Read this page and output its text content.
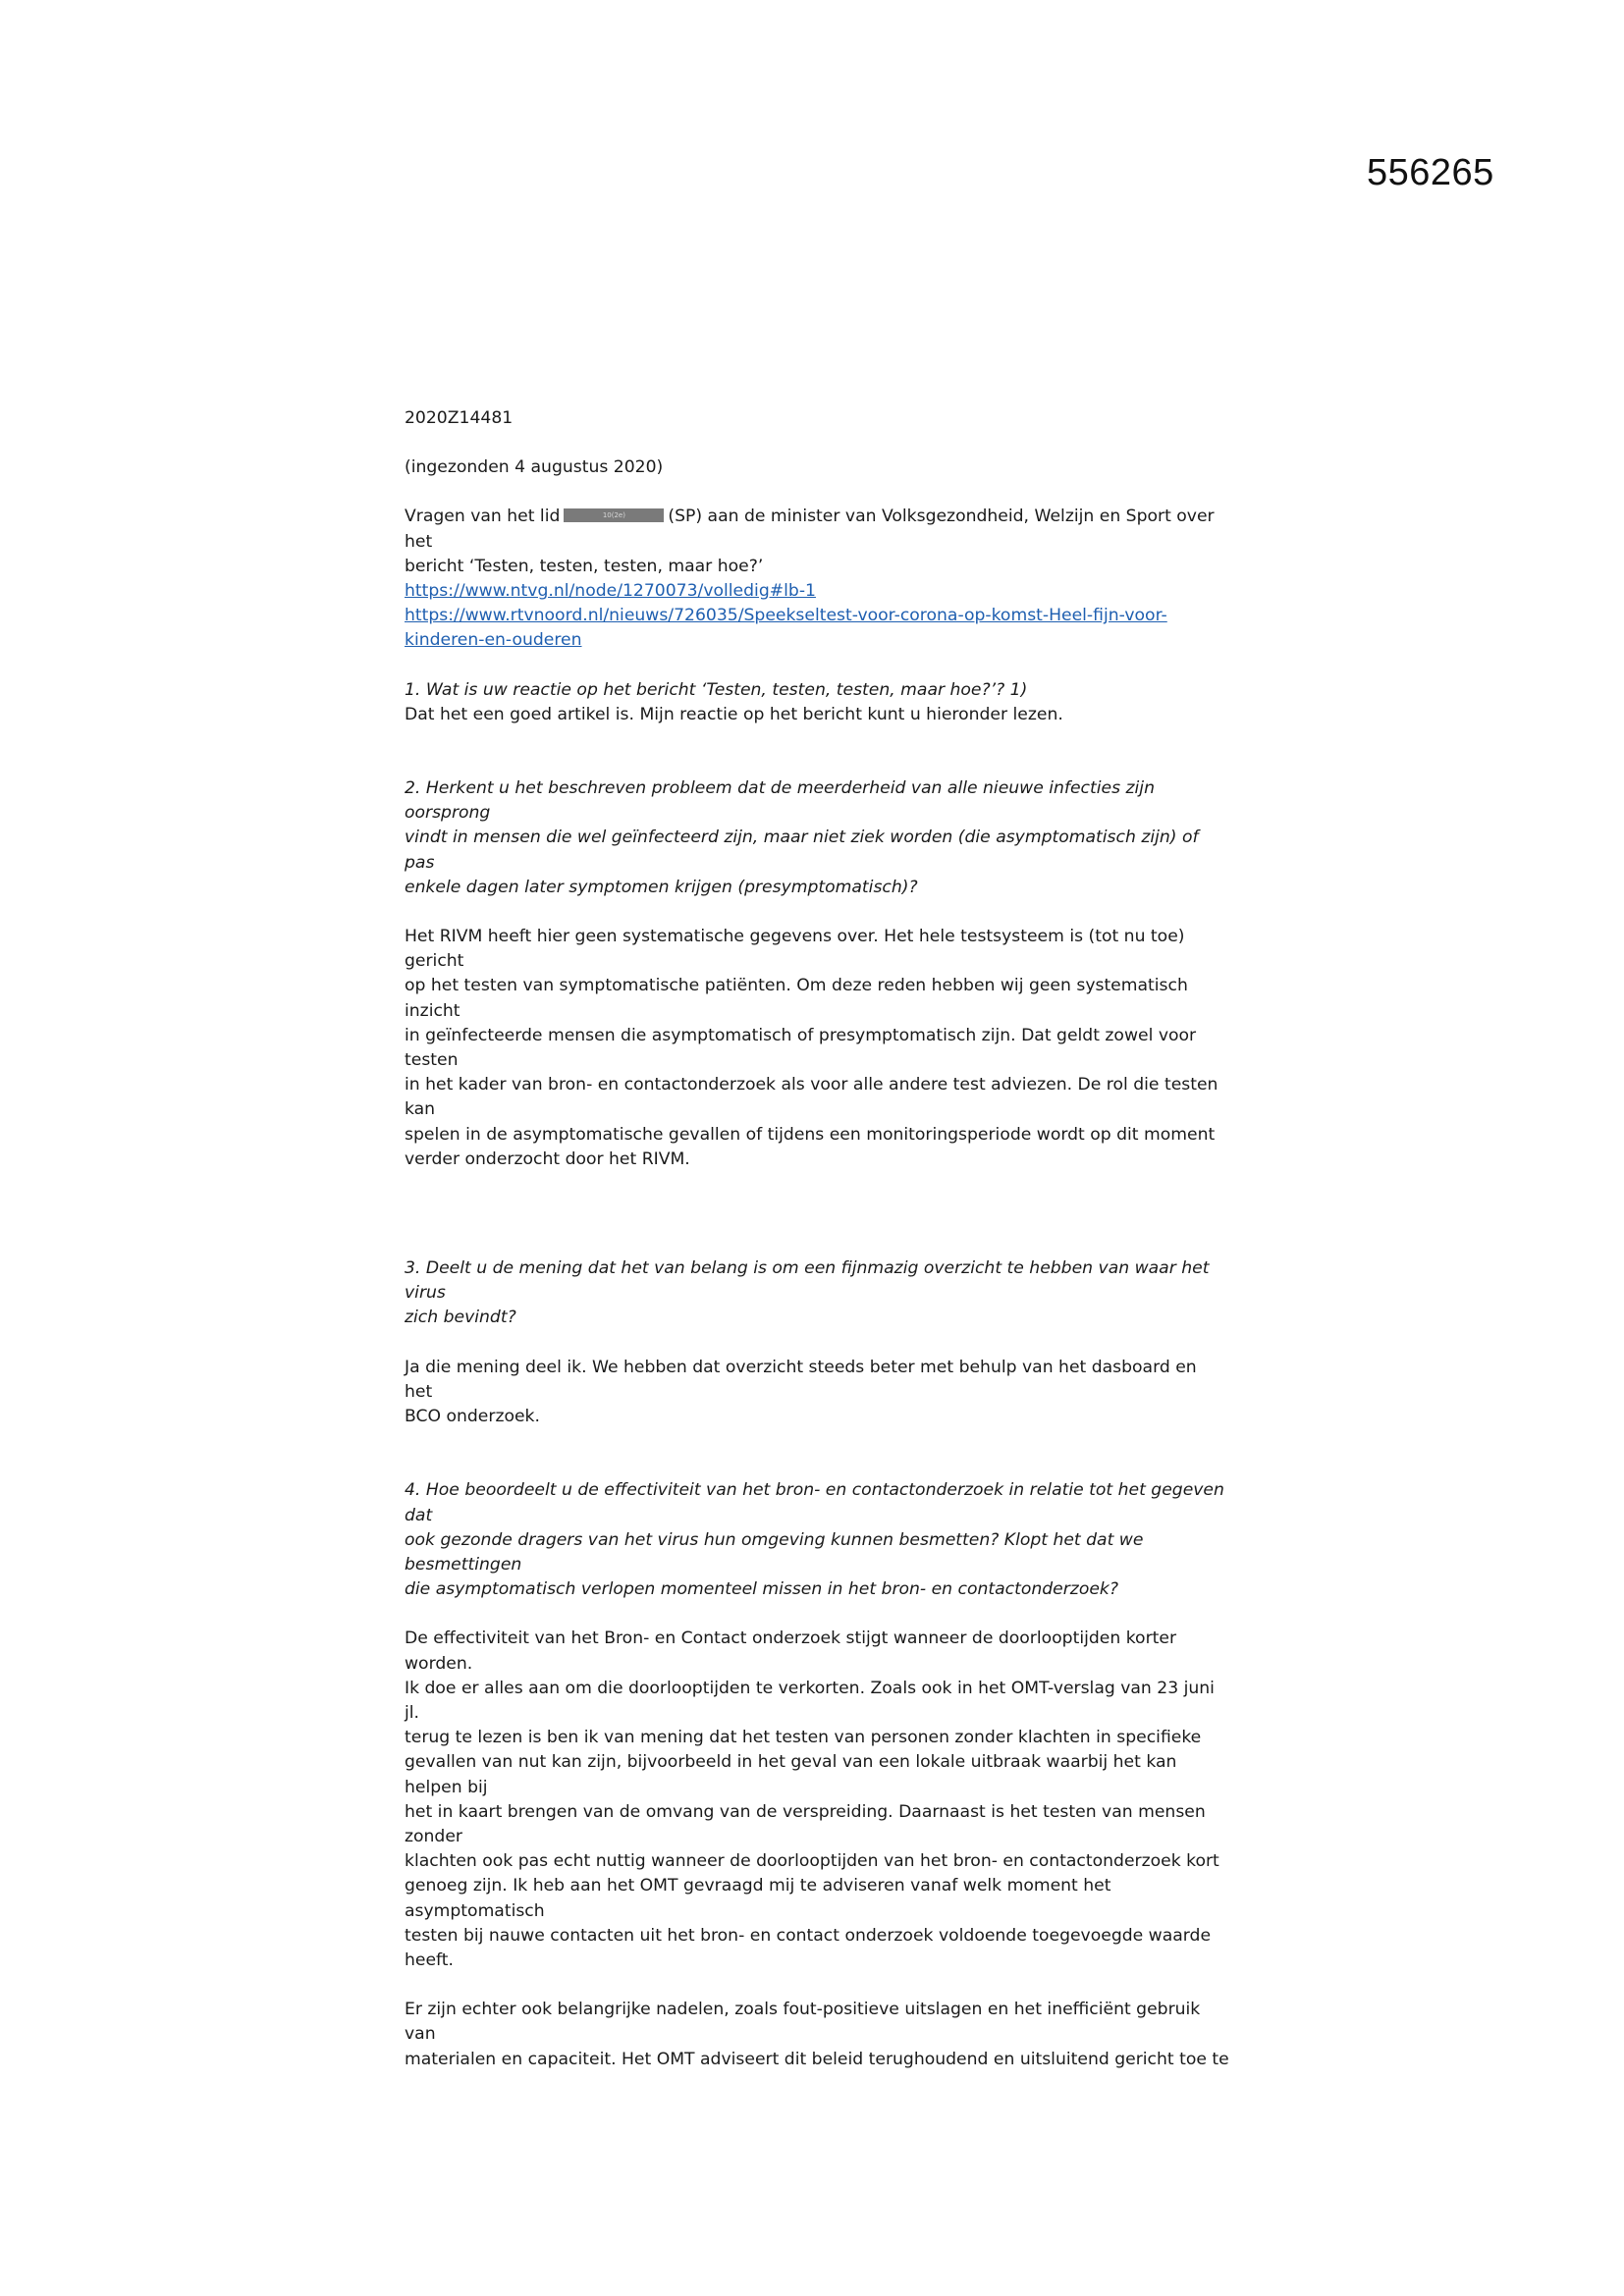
556265

2020Z14481

(ingezonden 4 augustus 2020)

Vragen van het lid	10(2e)	(SP) aan de minister van Volksgezondheid, Welzijn en Sport over het

bericht ‘Testen, testen, testen, maar hoe?’

https://www.ntvg.nl/node/1270073/volledig#lb-1
https://www.rtvnoord.nl/nieuws/726035/Speekseltest-voor-corona-op-komst-Heel-fijn-voor-
kinderen-en-ouderen

1. Wat is uw reactie op het bericht ‘Testen, testen, testen, maar hoe?’? 1)

Dat het een goed artikel is. Mijn reactie op het bericht kunt u hieronder lezen.

2. Herkent u het beschreven probleem dat de meerderheid van alle nieuwe infecties zijn oorsprong

vindt in mensen die wel geïnfecteerd zijn, maar niet ziek worden (die asymptomatisch zijn) of pas

enkele dagen later symptomen krijgen (presymptomatisch)?

Het RIVM heeft hier geen systematische gegevens over. Het hele testsysteem is (tot nu toe) gericht

op het testen van symptomatische patiënten. Om deze reden hebben wij geen systematisch inzicht

in geïnfecteerde mensen die asymptomatisch of presymptomatisch zijn. Dat geldt zowel voor testen

in het kader van bron- en contactonderzoek als voor alle andere test adviezen. De rol die testen kan

spelen in de asymptomatische gevallen of tijdens een monitoringsperiode wordt op dit moment

verder onderzocht door het RIVM.

3. Deelt u de mening dat het van belang is om een fijnmazig overzicht te hebben van waar het virus

zich bevindt?

Ja die mening deel ik. We hebben dat overzicht steeds beter met behulp van het dasboard en het

BCO onderzoek.

4. Hoe beoordeelt u de effectiviteit van het bron- en contactonderzoek in relatie tot het gegeven dat

ook gezonde dragers van het virus hun omgeving kunnen besmetten? Klopt het dat we besmettingen

die asymptomatisch verlopen momenteel missen in het bron- en contactonderzoek?

De effectiviteit van het Bron- en Contact onderzoek stijgt wanneer de doorlooptijden korter worden.

Ik doe er alles aan om die doorlooptijden te verkorten. Zoals ook in het OMT-verslag van 23 juni jl.

terug te lezen is ben ik van mening dat het testen van personen zonder klachten in specifieke

gevallen van nut kan zijn, bijvoorbeeld in het geval van een lokale uitbraak waarbij het kan helpen bij

het in kaart brengen van de omvang van de verspreiding. Daarnaast is het testen van mensen zonder

klachten ook pas echt nuttig wanneer de doorlooptijden van het bron- en contactonderzoek kort

genoeg zijn. Ik heb aan het OMT gevraagd mij te adviseren vanaf welk moment het asymptomatisch

testen bij nauwe contacten uit het bron- en contact onderzoek voldoende toegevoegde waarde

heeft.

Er zijn echter ook belangrijke nadelen, zoals fout-positieve uitslagen en het inefficiënt gebruik van

materialen en capaciteit. Het OMT adviseert dit beleid terughoudend en uitsluitend gericht toe te
